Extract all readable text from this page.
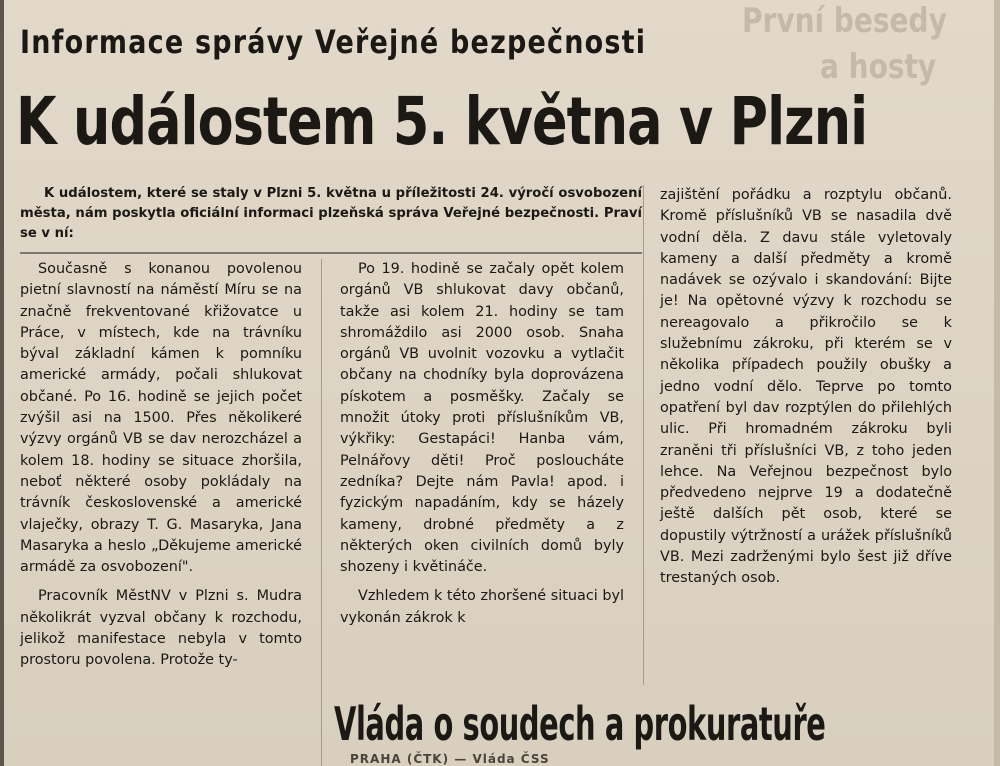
První besedy
a hosty
Informace správy Veřejné bezpečnosti
K událostem 5. května v Plzni

K událostem, které se staly v Plzni 5. května u příležitosti 24. výročí osvobození města, nám poskytla oficiální informaci plzeňská správa Veřejné bezpečnosti. Praví se v ní:

Současně s konanou povolenou pietní slavností na náměstí Míru se na značně frekventované křižovatce u Práce, v místech, kde na trávníku býval základní kámen k pomníku americké armády, počali shlukovat občané. Po 16. hodině se jejich počet zvýšil asi na 1500. Přes několikeré výzvy orgánů VB se dav nerozcházel a kolem 18. hodiny se situace zhoršila, neboť některé osoby pokládaly na trávník československé a americké vlaječky, obrazy T. G. Masaryka, Jana Masaryka a heslo „Děkujeme americké armádě za osvobození".

Pracovník MěstNV v Plzni s. Mudra několikrát vyzval občany k rozchodu, jelikož manifestace nebyla v tomto prostoru povolena. Protože ty-

Po 19. hodině se začaly opět kolem orgánů VB shlukovat davy občanů, takže asi kolem 21. hodiny se tam shromáždilo asi 2000 osob. Snaha orgánů VB uvolnit vozovku a vytlačit občany na chodníky byla doprovázena pískotem a posměšky. Začaly se množit útoky proti příslušníkům VB, výkřiky: Gestapáci! Hanba vám, Pelnářovy děti! Proč posloucháte zedníka? Dejte nám Pavla! apod. i fyzickým napadáním, kdy se házely kameny, drobné předměty a z některých oken civilních domů byly shozeny i květináče.

Vzhledem k této zhoršené situaci byl vykonán zákrok k

zajištění pořádku a rozptylu občanů. Kromě příslušníků VB se nasadila dvě vodní děla. Z davu stále vyletovaly kameny a další předměty a kromě nadávek se ozývalo i skandování: Bijte je! Na opětovné výzvy k rozchodu se nereagovalo a přikročilo se k služebnímu zákroku, při kterém se v několika případech použily obušky a jedno vodní dělo. Teprve po tomto opatření byl dav rozptýlen do přilehlých ulic. Při hromadném zákroku byli zraněni tři příslušníci VB, z toho jeden lehce. Na Veřejnou bezpečnost bylo předvedeno nejprve 19 a dodatečně ještě dalších pět osob, které se dopustily výtržností a urážek příslušníků VB. Mezi zadrženými bylo šest již dříve trestaných osob.

Vláda o soudech a prokuratuře
PRAHA (ČTK) — Vláda ČSS
